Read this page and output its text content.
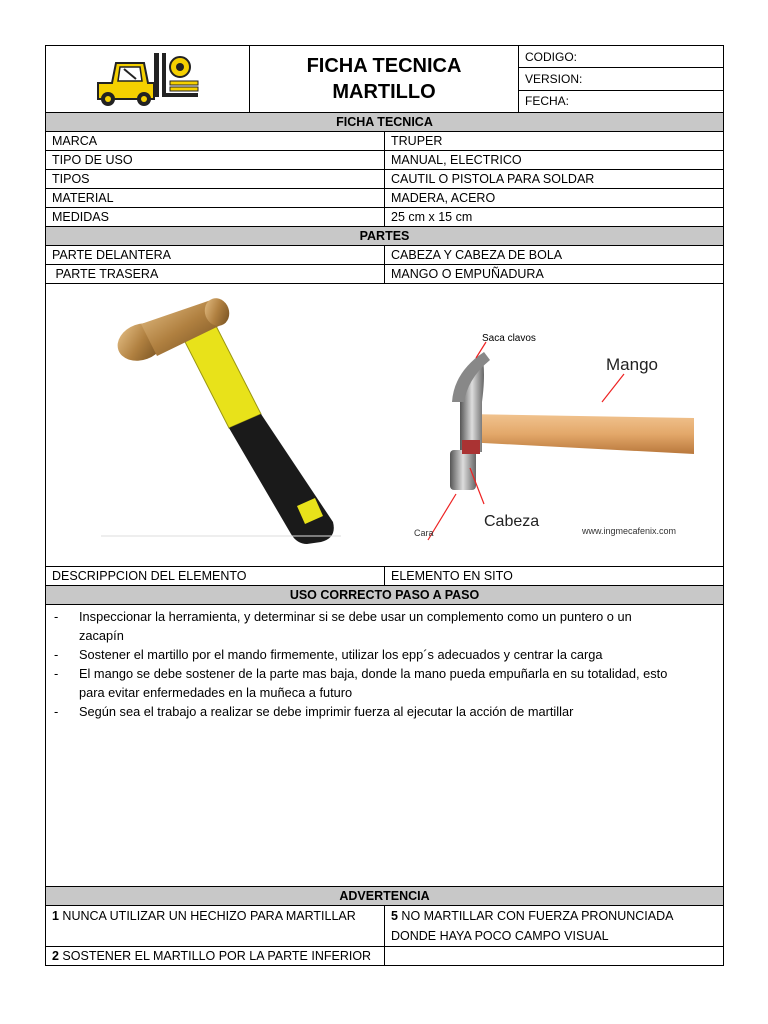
FICHA TECNICA
MARTILLO
CODIGO:
VERSION:
FECHA:
FICHA TECNICA
MARCA	TRUPER
TIPO DE USO	MANUAL, ELECTRICO
TIPOS	CAUTIL O PISTOLA PARA SOLDAR
MATERIAL	MADERA, ACERO
MEDIDAS	25 cm x 15 cm
PARTES
PARTE DELANTERA	CABEZA Y CABEZA DE BOLA
PARTE TRASERA	MANGO O EMPUÑADURA
Saca clavos
Mango
Cabeza
Cara	www.ingmecafenix.com
DESCRIPPCION DEL ELEMENTO	ELEMENTO EN SITO
USO CORRECTO PASO A PASO
-	Inspeccionar la herramienta, y determinar si se debe usar un complemento como un puntero o un
zacapín
-	Sostener el martillo por el mando firmemente, utilizar los epp´s adecuados y centrar la carga
-	El mango se debe sostener de la parte mas baja, donde la mano pueda empuñarla en su totalidad, esto
para evitar enfermedades en la muñeca a futuro
-	Según sea el trabajo a realizar se debe imprimir fuerza al ejecutar la acción de martillar
ADVERTENCIA
1 NUNCA UTILIZAR UN HECHIZO PARA MARTILLAR	5 NO MARTILLAR CON FUERZA PRONUNCIADA DONDE HAYA POCO CAMPO VISUAL
2 SOSTENER EL MARTILLO POR LA PARTE INFERIOR
